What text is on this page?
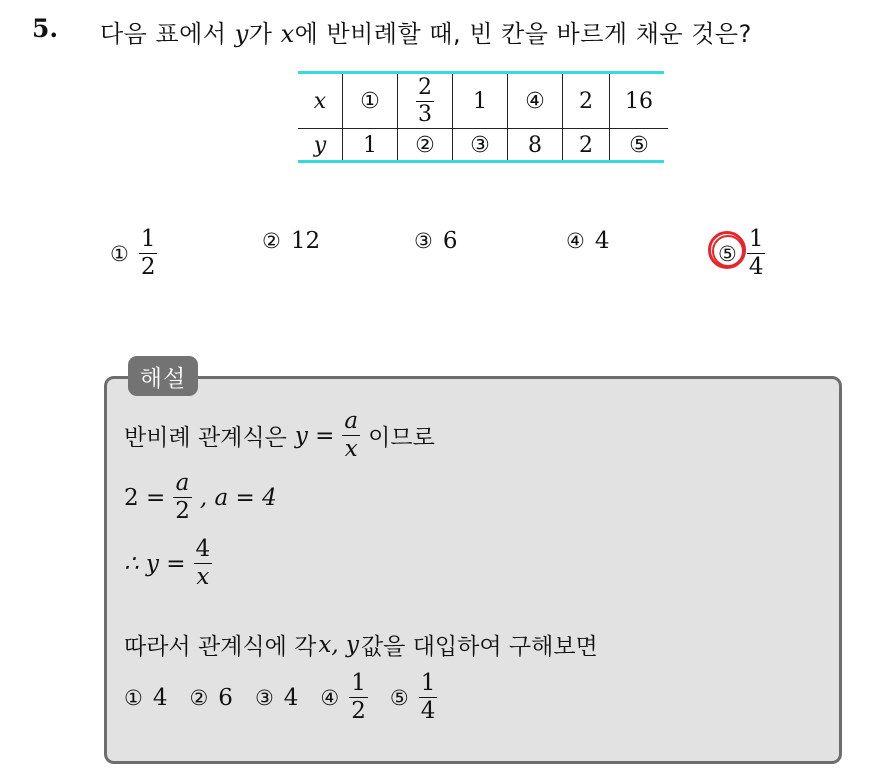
5. 다음 표에서 y가 x에 반비례할 때, 빈 칸을 바르게 채운 것은?
x	①	$\frac{2}{3}$	1	④	2	16
y	1	②	③	8	2	⑤
① $\frac{1}{2}$	② 12	③ 6	④ 4	⑤ $\frac{1}{4}$
해설
반비례 관계식은 $y = \frac{a}{x}$ 이므로
$2 = \frac{a}{2}$ , a = 4
∴ $y = \frac{4}{x}$
따라서 관계식에 각 x, y 값을 대입하여 구해보면
① 4 ② 6 ③ 4 ④ $\frac{1}{2}$ ⑤ $\frac{1}{4}$
